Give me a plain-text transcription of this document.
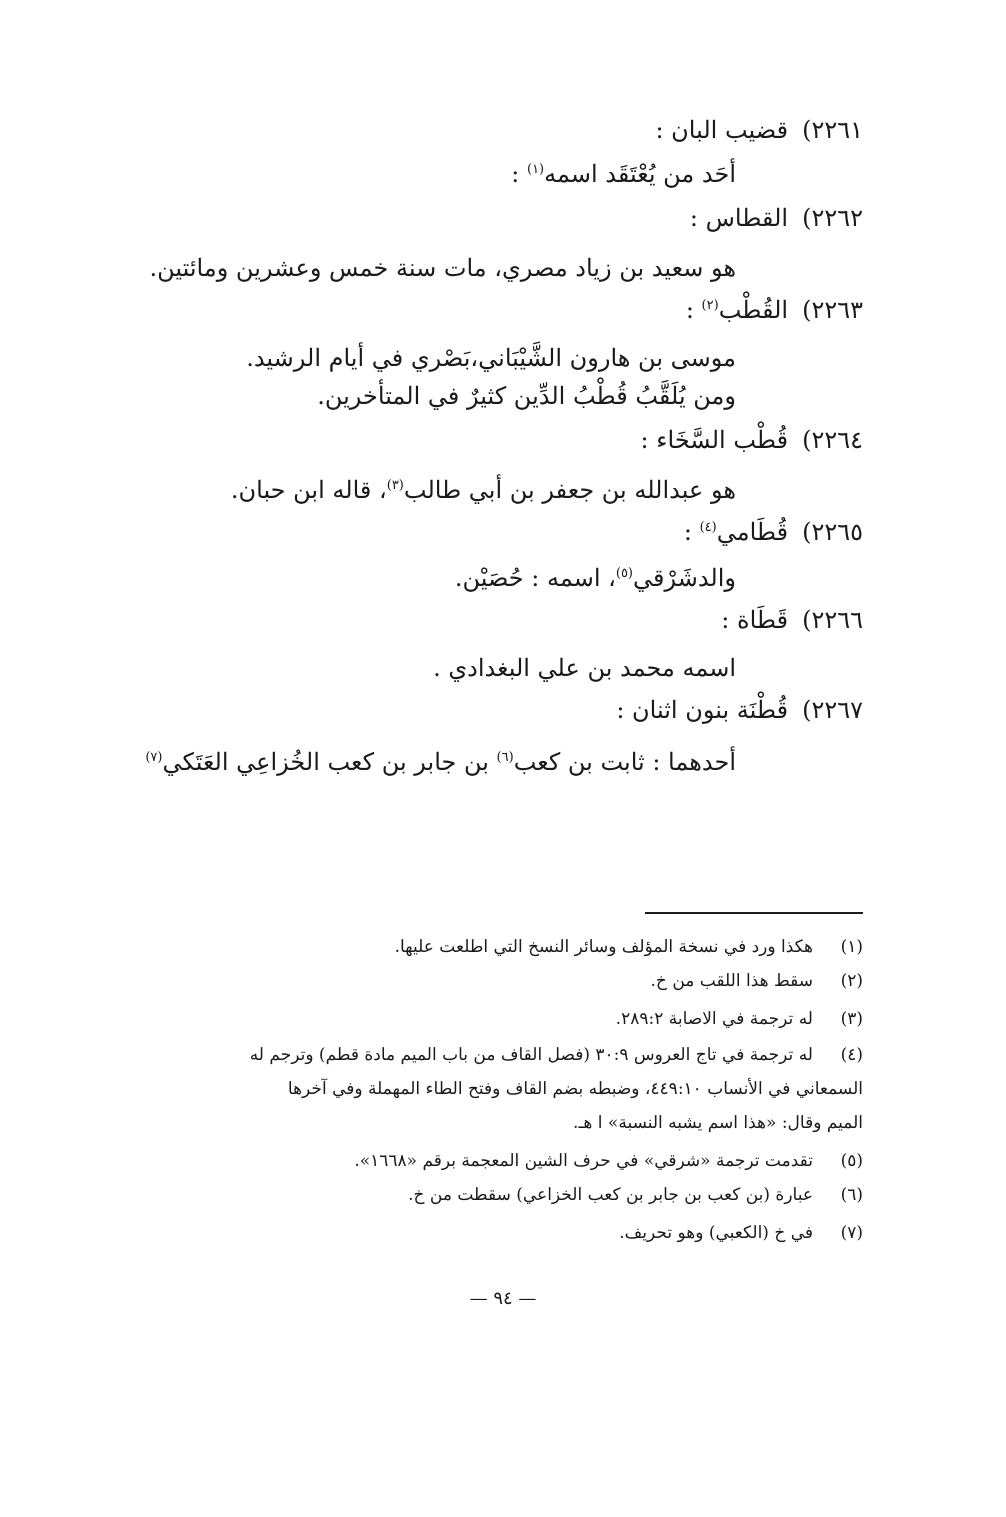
٢٢٦١)قضيب البان :
أحَد من يُعْتَقَد اسمه$^{(١)}$ :
٢٢٦٢)القطاس :
هو سعيد بن زياد مصري، مات سنة خمس وعشرين ومائتين.
٢٢٦٣)القُطْب$^{(٢)}$ :
موسى بن هارون الشَّيْبَاني،بَصْري في أيام الرشيد.
ومن يُلَقَّبُ قُطْبُ الدِّين كثيرٌ في المتأخرين.
٢٢٦٤)قُطْب السَّخَاء :
هو عبدالله بن جعفر بن أبي طالب$^{(٣)}$، قاله ابن حبان.
٢٢٦٥)قُطَامي$^{(٤)}$ :
والدشَرْقي$^{(٥)}$، اسمه : حُصَيْن.
٢٢٦٦)قَطَاة :
اسمه محمد بن علي البغدادي .
٢٢٦٧)قُطْنَة بنون اثنان :
أحدهما : ثابت بن كعب$^{(٦)}$ بن جابر بن كعب الخُزاعِي العَتَكي$^{(٧)}$
(١)هكذا ورد في نسخة المؤلف وسائر النسخ التي اطلعت عليها.
(٢)سقط هذا اللقب من خ.
(٣)له ترجمة في الاصابة ٢٨٩:٢.
(٤)له ترجمة في تاج العروس ٣٠:٩ (فصل القاف من باب الميم مادة قطم) وترجم له
السمعاني في الأنساب ٤٤٩:١٠، وضبطه بضم القاف وفتح الطاء المهملة وفي آخرها
الميم وقال: «هذا اسم يشبه النسبة» ا هـ.
(٥)تقدمت ترجمة «شرقي» في حرف الشين المعجمة برقم «١٦٦٨».
(٦)عبارة (بن كعب بن جابر بن كعب الخزاعي) سقطت من خ.
(٧)في خ (الكعبي) وهو تحريف.
— ٩٤ —
